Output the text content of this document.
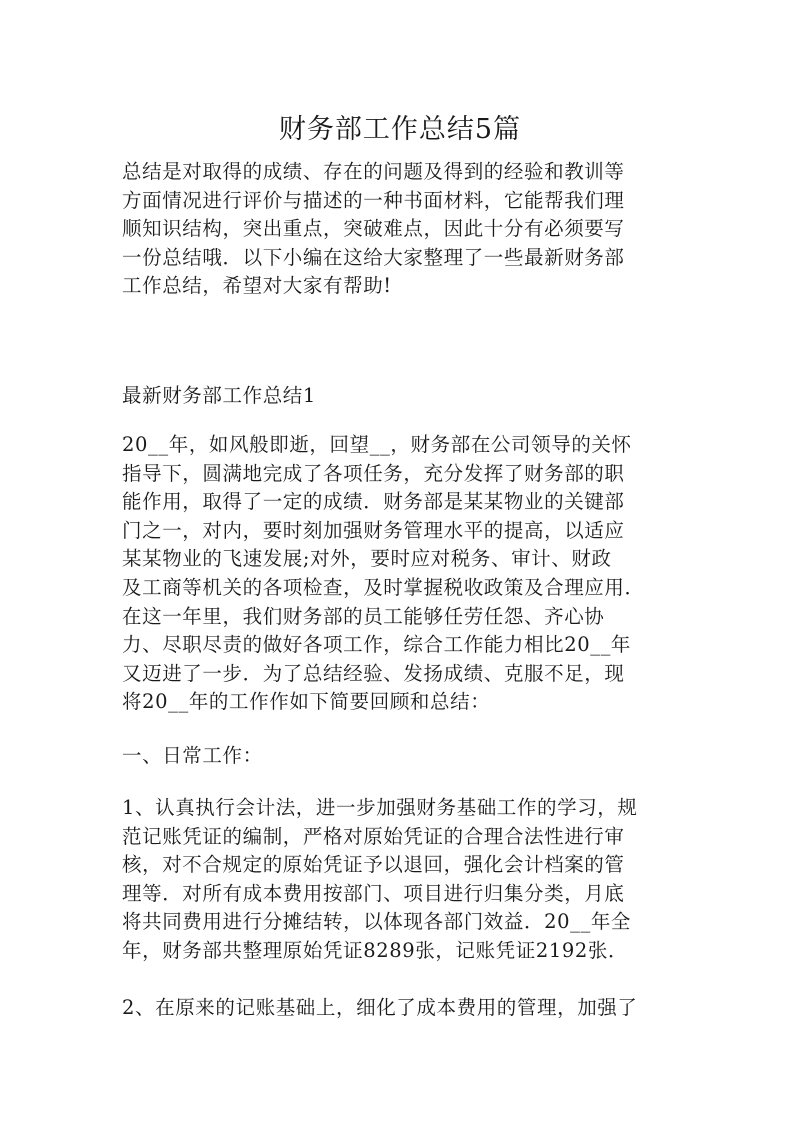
财务部工作总结5篇
总结是对取得的成绩、存在的问题及得到的经验和教训等
方面情况进行评价与描述的一种书面材料，它能帮我们理
顺知识结构，突出重点，突破难点，因此十分有必须要写
一份总结哦．以下小编在这给大家整理了一些最新财务部
工作总结，希望对大家有帮助!
最新财务部工作总结1
20__年，如风般即逝，回望__，财务部在公司领导的关怀
指导下，圆满地完成了各项任务，充分发挥了财务部的职
能作用，取得了一定的成绩．财务部是某某物业的关键部
门之一，对内，要时刻加强财务管理水平的提高，以适应
某某物业的飞速发展;对外，要时应对税务、审计、财政
及工商等机关的各项检查，及时掌握税收政策及合理应用．
在这一年里，我们财务部的员工能够任劳任怨、齐心协
力、尽职尽责的做好各项工作，综合工作能力相比20__年
又迈进了一步．为了总结经验、发扬成绩、克服不足，现
将20__年的工作作如下简要回顾和总结：
一、日常工作：
1、认真执行会计法，进一步加强财务基础工作的学习，规
范记账凭证的编制，严格对原始凭证的合理合法性进行审
核，对不合规定的原始凭证予以退回，强化会计档案的管
理等．对所有成本费用按部门、项目进行归集分类，月底
将共同费用进行分摊结转，以体现各部门效益．20__年全
年，财务部共整理原始凭证8289张，记账凭证2192张．
2、在原来的记账基础上，细化了成本费用的管理，加强了
